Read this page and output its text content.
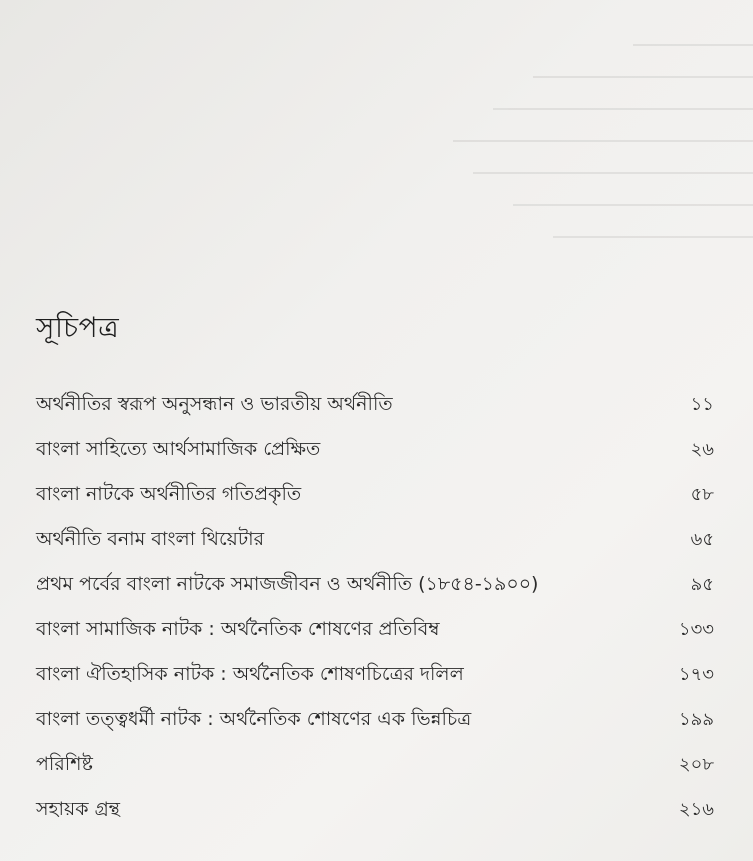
সূচিপত্র
অর্থনীতির স্বরূপ অনুসন্ধান ও ভারতীয় অর্থনীতি	১১
বাংলা সাহিত্যে আর্থসামাজিক প্রেক্ষিত	২৬
বাংলা নাটকে অর্থনীতির গতিপ্রকৃতি	৫৮
অর্থনীতি বনাম বাংলা থিয়েটার	৬৫
প্রথম পর্বের বাংলা নাটকে সমাজজীবন ও অর্থনীতি (১৮৫৪-১৯০০)	৯৫
বাংলা সামাজিক নাটক : অর্থনৈতিক শোষণের প্রতিবিম্ব	১৩৩
বাংলা ঐতিহাসিক নাটক : অর্থনৈতিক শোষণচিত্রের দলিল	১৭৩
বাংলা তত্ত্বধর্মী নাটক : অর্থনৈতিক শোষণের এক ভিন্নচিত্র	১৯৯
পরিশিষ্ট	২০৮
সহায়ক গ্রন্থ	২১৬
